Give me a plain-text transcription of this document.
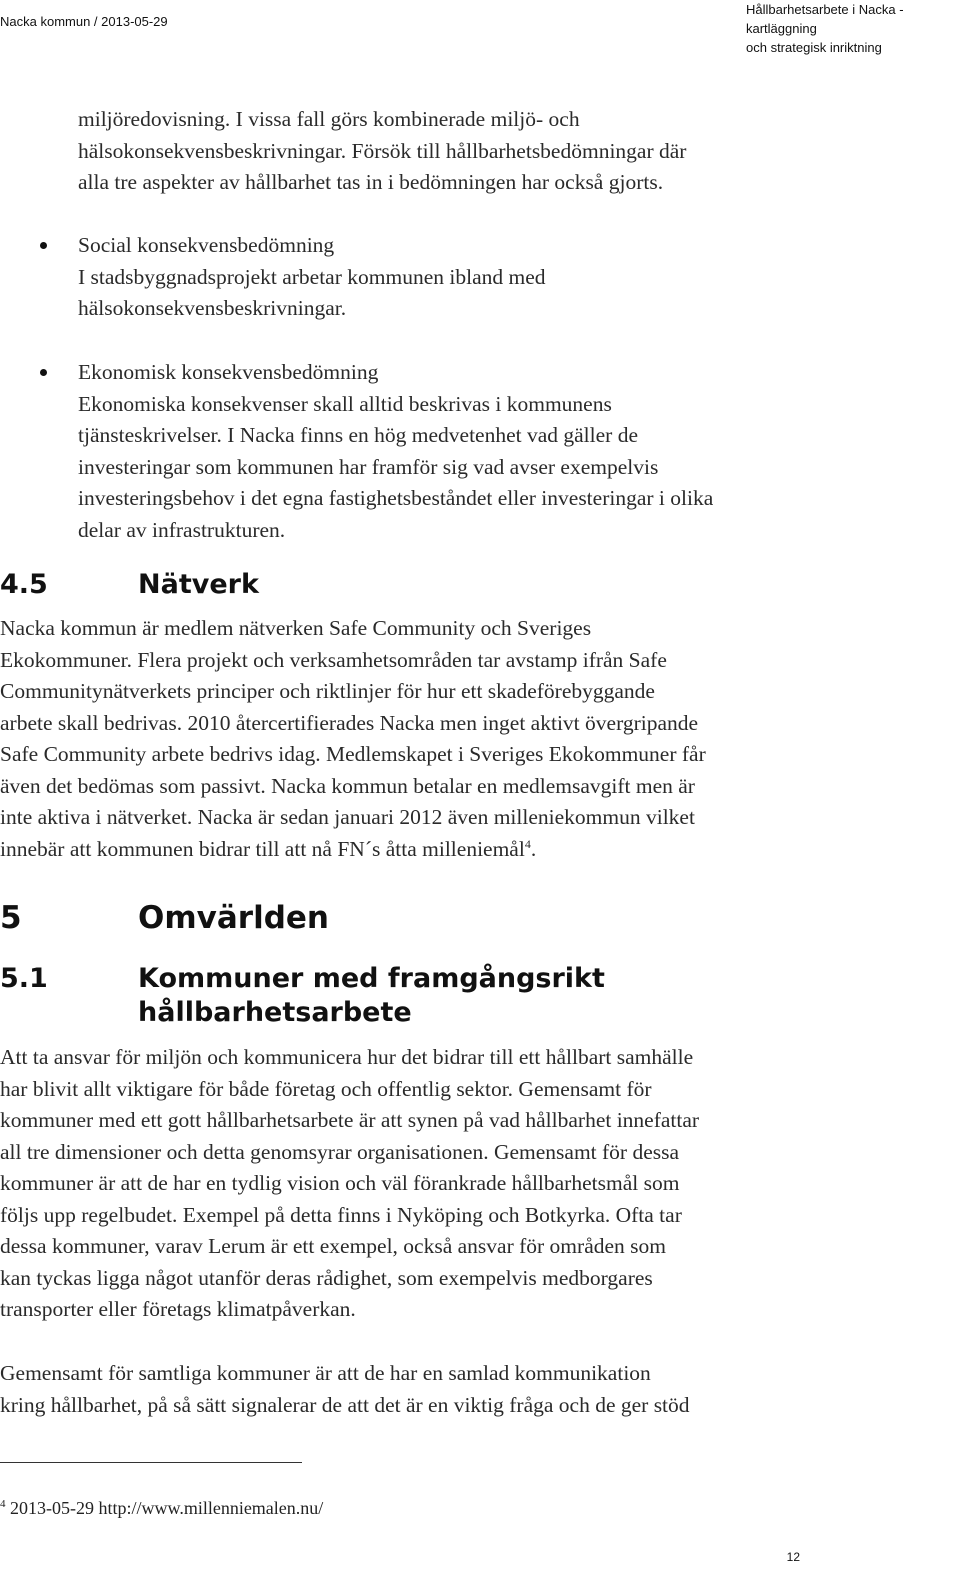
Nacka kommun / 2013-05-29
Hållbarhetsarbete i Nacka - kartläggning
och strategisk inriktning
miljöredovisning. I vissa fall görs kombinerade miljö- och
hälsokonsekvensbeskrivningar. Försök till hållbarhetsbedömningar där
alla tre aspekter av hållbarhet tas in i bedömningen har också gjorts.
Social konsekvensbedömning
I stadsbyggnadsprojekt arbetar kommunen ibland med
hälsokonsekvensbeskrivningar.
Ekonomisk konsekvensbedömning
Ekonomiska konsekvenser skall alltid beskrivas i kommunens
tjänsteskrivelser. I Nacka finns en hög medvetenhet vad gäller de
investeringar som kommunen har framför sig vad avser exempelvis
investeringsbehov i det egna fastighetsbeståndet eller investeringar i olika
delar av infrastrukturen.
4.5	Nätverk
Nacka kommun är medlem nätverken Safe Community och Sveriges
Ekokommuner. Flera projekt och verksamhetsområden tar avstamp ifrån Safe
Communitynätverkets principer och riktlinjer för hur ett skadeförebyggande
arbete skall bedrivas. 2010 återcertifierades Nacka men inget aktivt övergripande
Safe Community arbete bedrivs idag. Medlemskapet i Sveriges Ekokommuner får
även det bedömas som passivt. Nacka kommun betalar en medlemsavgift men är
inte aktiva i nätverket. Nacka är sedan januari 2012 även milleniekommun vilket
innebär att kommunen bidrar till att nå FN´s åtta milleniemål$^4$.
5	Omvärlden
5.1	Kommuner med framgångsrikt
hållbarhetsarbete
Att ta ansvar för miljön och kommunicera hur det bidrar till ett hållbart samhälle
har blivit allt viktigare för både företag och offentlig sektor. Gemensamt för
kommuner med ett gott hållbarhetsarbete är att synen på vad hållbarhet innefattar
all tre dimensioner och detta genomsyrar organisationen. Gemensamt för dessa
kommuner är att de har en tydlig vision och väl förankrade hållbarhetsmål som
följs upp regelbudet. Exempel på detta finns i Nyköping och Botkyrka. Ofta tar
dessa kommuner, varav Lerum är ett exempel, också ansvar för områden som
kan tyckas ligga något utanför deras rådighet, som exempelvis medborgares
transporter eller företags klimatpåverkan.
Gemensamt för samtliga kommuner är att de har en samlad kommunikation
kring hållbarhet, på så sätt signalerar de att det är en viktig fråga och de ger stöd
$^4$ 2013-05-29 http://www.millenniemalen.nu/
12
